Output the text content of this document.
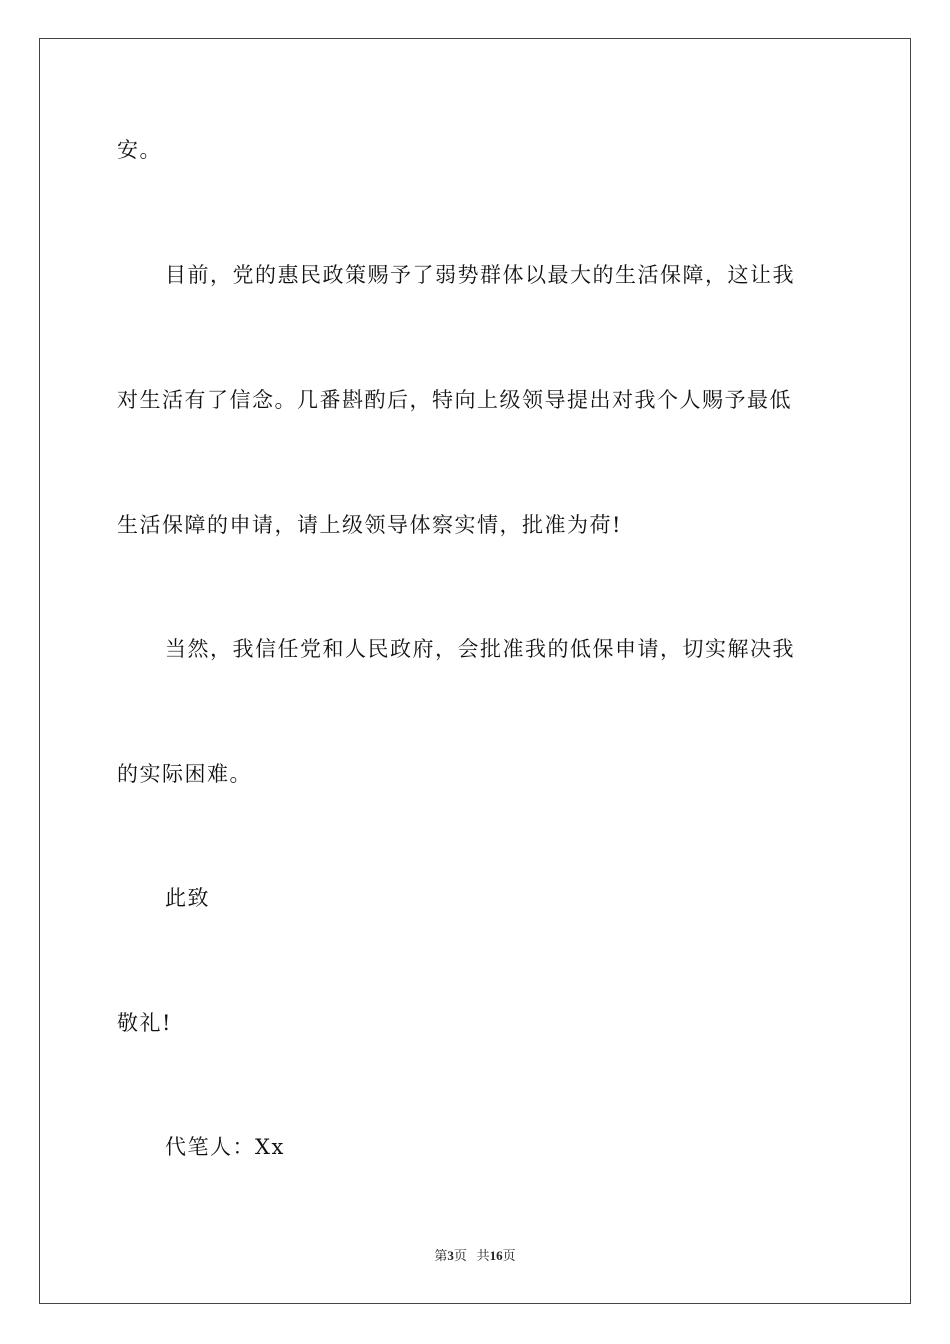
安。
目前，党的惠民政策赐予了弱势群体以最大的生活保障，这让我
对生活有了信念。几番斟酌后，特向上级领导提出对我个人赐予最低
生活保障的申请，请上级领导体察实情，批准为荷!
当然，我信任党和人民政府，会批准我的低保申请，切实解决我
的实际困难。
此致
敬礼!
代笔人：Xx
第3页 共16页
